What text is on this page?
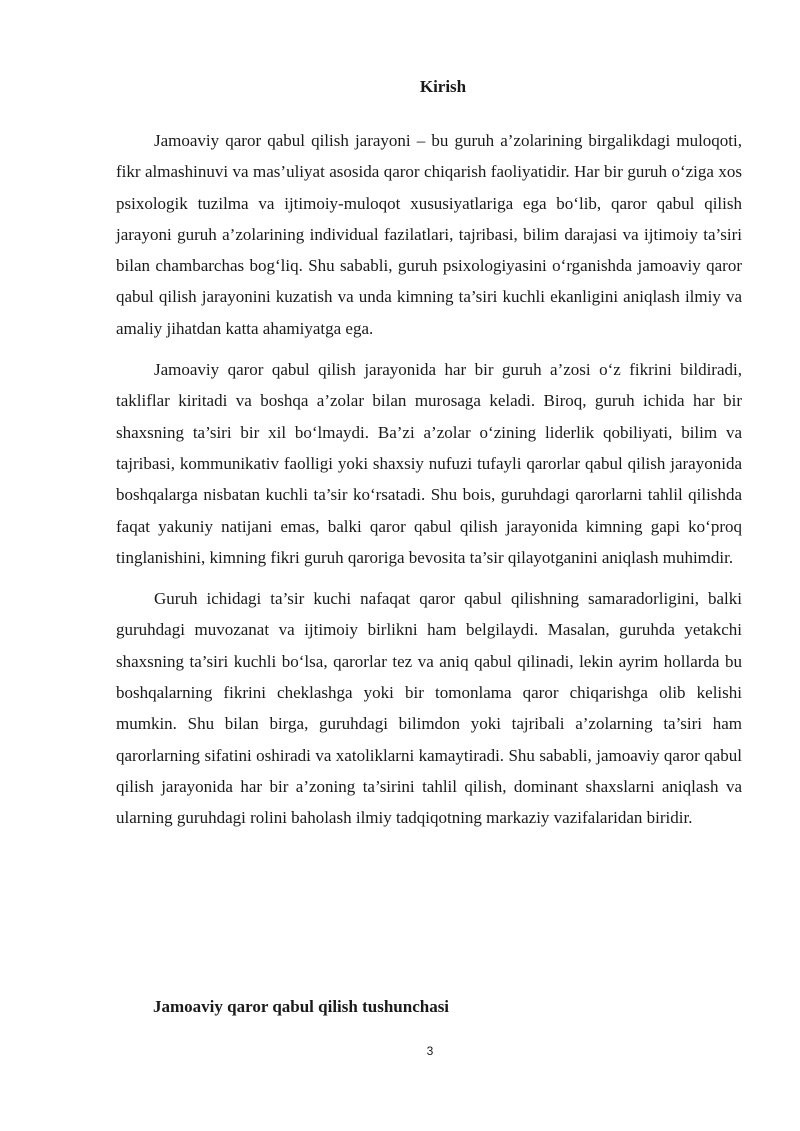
Kirish

Jamoaviy qaror qabul qilish jarayoni – bu guruh a’zolarining birgalikdagi muloqoti, fikr almashinuvi va mas’uliyat asosida qaror chiqarish faoliyatidir. Har bir guruh o‘ziga xos psixologik tuzilma va ijtimoiy-muloqot xususiyatlariga ega bo‘lib, qaror qabul qilish jarayoni guruh a’zolarining individual fazilatlari, tajribasi, bilim darajasi va ijtimoiy ta’siri bilan chambarchas bog‘liq. Shu sababli, guruh psixologiyasini o‘rganishda jamoaviy qaror qabul qilish jarayonini kuzatish va unda kimning ta’siri kuchli ekanligini aniqlash ilmiy va amaliy jihatdan katta ahamiyatga ega.

Jamoaviy qaror qabul qilish jarayonida har bir guruh a’zosi o‘z fikrini bildiradi, takliflar kiritadi va boshqa a’zolar bilan murosaga keladi. Biroq, guruh ichida har bir shaxsning ta’siri bir xil bo‘lmaydi. Ba’zi a’zolar o‘zining liderlik qobiliyati, bilim va tajribasi, kommunikativ faolligi yoki shaxsiy nufuzi tufayli qarorlar qabul qilish jarayonida boshqalarga nisbatan kuchli ta’sir ko‘rsatadi. Shu bois, guruhdagi qarorlarni tahlil qilishda faqat yakuniy natijani emas, balki qaror qabul qilish jarayonida kimning gapi ko‘proq tinglanishini, kimning fikri guruh qaroriga bevosita ta’sir qilayotganini aniqlash muhimdir.

Guruh ichidagi ta’sir kuchi nafaqat qaror qabul qilishning samaradorligini, balki guruhdagi muvozanat va ijtimoiy birlikni ham belgilaydi. Masalan, guruhda yetakchi shaxsning ta’siri kuchli bo‘lsa, qarorlar tez va aniq qabul qilinadi, lekin ayrim hollarda bu boshqalarning fikrini cheklashga yoki bir tomonlama qaror chiqarishga olib kelishi mumkin. Shu bilan birga, guruhdagi bilimdon yoki tajribali a’zolarning ta’siri ham qarorlarning sifatini oshiradi va xatoliklarni kamaytiradi. Shu sababli, jamoaviy qaror qabul qilish jarayonida har bir a’zoning ta’sirini tahlil qilish, dominant shaxslarni aniqlash va ularning guruhdagi rolini baholash ilmiy tadqiqotning markaziy vazifalaridan biridir.

Jamoaviy qaror qabul qilish tushunchasi
3
